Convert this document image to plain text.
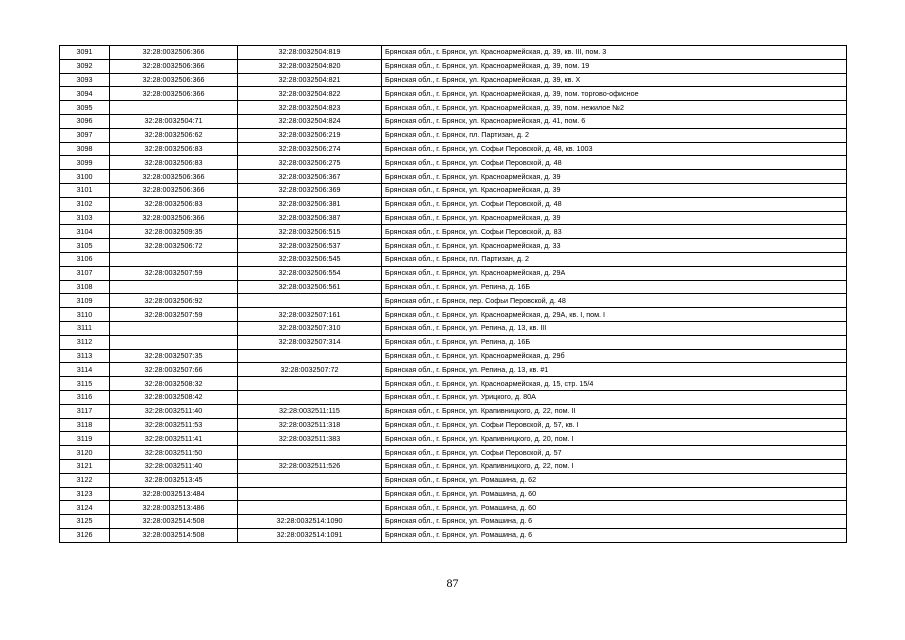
3091	32:28:0032506:366	32:28:0032504:819	Брянская обл., г. Брянск, ул. Красноармейская, д. 39, кв. III, пом. 3
3092	32:28:0032506:366	32:28:0032504:820	Брянская обл., г. Брянск, ул. Красноармейская, д. 39, пом. 19
3093	32:28:0032506:366	32:28:0032504:821	Брянская обл., г. Брянск, ул. Красноармейская, д. 39, кв. X
3094	32:28:0032506:366	32:28:0032504:822	Брянская обл., г. Брянск, ул. Красноармейская, д. 39, пом. торгово-офисное
3095		32:28:0032504:823	Брянская обл., г. Брянск, ул. Красноармейская, д. 39, пом. нежилое №2
3096	32:28:0032504:71	32:28:0032504:824	Брянская обл., г. Брянск, ул. Красноармейская, д. 41, пом. 6
3097	32:28:0032506:62	32:28:0032506:219	Брянская обл., г. Брянск, пл. Партизан, д. 2
3098	32:28:0032506:83	32:28:0032506:274	Брянская обл., г. Брянск, ул. Софьи Перовской, д. 48, кв. 1003
3099	32:28:0032506:83	32:28:0032506:275	Брянская обл., г. Брянск, ул. Софьи Перовской, д. 48
3100	32:28:0032506:366	32:28:0032506:367	Брянская обл., г. Брянск, ул. Красноармейская, д. 39
3101	32:28:0032506:366	32:28:0032506:369	Брянская обл., г. Брянск, ул. Красноармейская, д. 39
3102	32:28:0032506:83	32:28:0032506:381	Брянская обл., г. Брянск, ул. Софьи Перовской, д. 48
3103	32:28:0032506:366	32:28:0032506:387	Брянская обл., г. Брянск, ул. Красноармейская, д. 39
3104	32:28:0032509:35	32:28:0032506:515	Брянская обл., г. Брянск, ул. Софьи Перовской, д. 83
3105	32:28:0032506:72	32:28:0032506:537	Брянская обл., г. Брянск, ул. Красноармейская, д. 33
3106		32:28:0032506:545	Брянская обл., г. Брянск, пл. Партизан, д. 2
3107	32:28:0032507:59	32:28:0032506:554	Брянская обл., г. Брянск, ул. Красноармейская, д. 29А
3108		32:28:0032506:561	Брянская обл., г. Брянск, ул. Репина, д. 16Б
3109	32:28:0032506:92		Брянская обл., г. Брянск, пер. Софьи Перовской, д. 48
3110	32:28:0032507:59	32:28:0032507:161	Брянская обл., г. Брянск, ул. Красноармейская, д. 29А, кв. I, пом. I
3111		32:28:0032507:310	Брянская обл., г. Брянск, ул. Репина, д. 13, кв. III
3112		32:28:0032507:314	Брянская обл., г. Брянск, ул. Репина, д. 16Б
3113	32:28:0032507:35		Брянская обл., г. Брянск, ул. Красноармейская, д. 29б
3114	32:28:0032507:66	32:28:0032507:72	Брянская обл., г. Брянск, ул. Репина, д. 13, кв. #1
3115	32:28:0032508:32		Брянская обл., г. Брянск, ул. Красноармейская, д. 15, стр. 15/4
3116	32:28:0032508:42		Брянская обл., г. Брянск, ул. Урицкого, д. 80А
3117	32:28:0032511:40	32:28:0032511:115	Брянская обл., г. Брянск, ул. Крапивницкого, д. 22, пом. II
3118	32:28:0032511:53	32:28:0032511:318	Брянская обл., г. Брянск, ул. Софьи Перовской, д. 57, кв. I
3119	32:28:0032511:41	32:28:0032511:383	Брянская обл., г. Брянск, ул. Крапивницкого, д. 20, пом. I
3120	32:28:0032511:50		Брянская обл., г. Брянск, ул. Софьи Перовской, д. 57
3121	32:28:0032511:40	32:28:0032511:526	Брянская обл., г. Брянск, ул. Крапивницкого, д. 22, пом. I
3122	32:28:0032513:45		Брянская обл., г. Брянск, ул. Ромашина, д. 62
3123	32:28:0032513:484		Брянская обл., г. Брянск, ул. Ромашина, д. 60
3124	32:28:0032513:486		Брянская обл., г. Брянск, ул. Ромашина, д. 60
3125	32:28:0032514:508	32:28:0032514:1090	Брянская обл., г. Брянск, ул. Ромашина, д. 6
3126	32:28:0032514:508	32:28:0032514:1091	Брянская обл., г. Брянск, ул. Ромашина, д. 6
87
